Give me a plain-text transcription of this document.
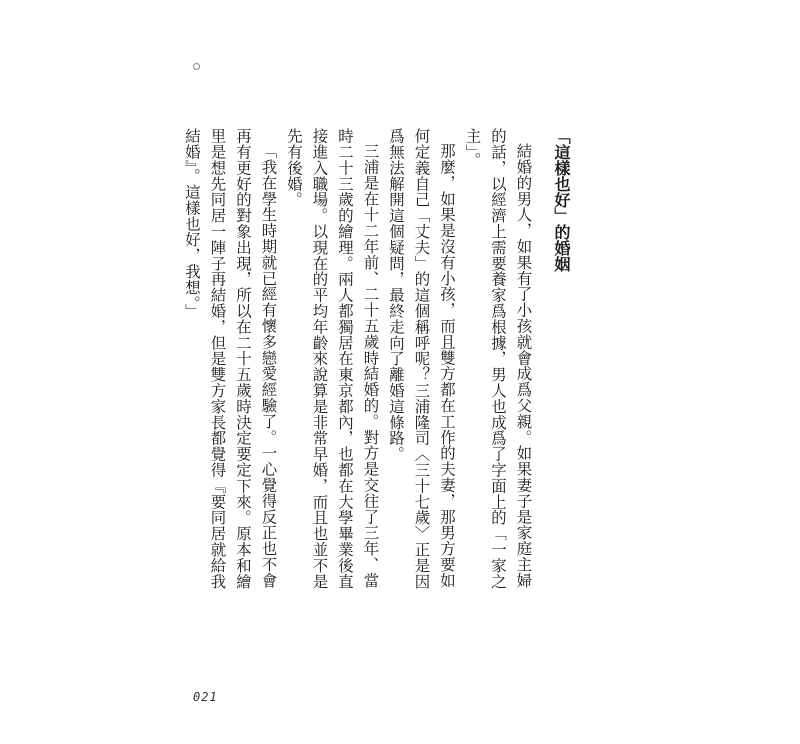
「這樣也好」的婚姻

結婚的男人，如果有了小孩就會成爲父親。如果妻子是家庭主婦的話，以經濟上需要養家爲根據，男人也成爲了字面上的「一家之主」。

那麼，如果是沒有小孩，而且雙方都在工作的夫妻，那男方要如何定義自己「丈夫」的這個稱呼呢？三浦隆司〈三十七歲〉正是因爲無法解開這個疑問，最終走向了離婚這條路。

三浦是在十二年前、二十五歲時結婚的。對方是交往了三年、當時二十三歲的繪理。兩人都獨居在東京都內，也都在大學畢業後直接進入職場。以現在的平均年齡來說算是非常早婚，而且也並不是先有後婚。

「我在學生時期就已經有懷多戀愛經驗了。一心覺得反正也不會再有更好的對象出現，所以在二十五歲時決定要定下來。原本和繪里是想先同居一陣子再結婚，但是雙方家長都覺得『要同居就給我結婚』。這樣也好，我想。」

021
